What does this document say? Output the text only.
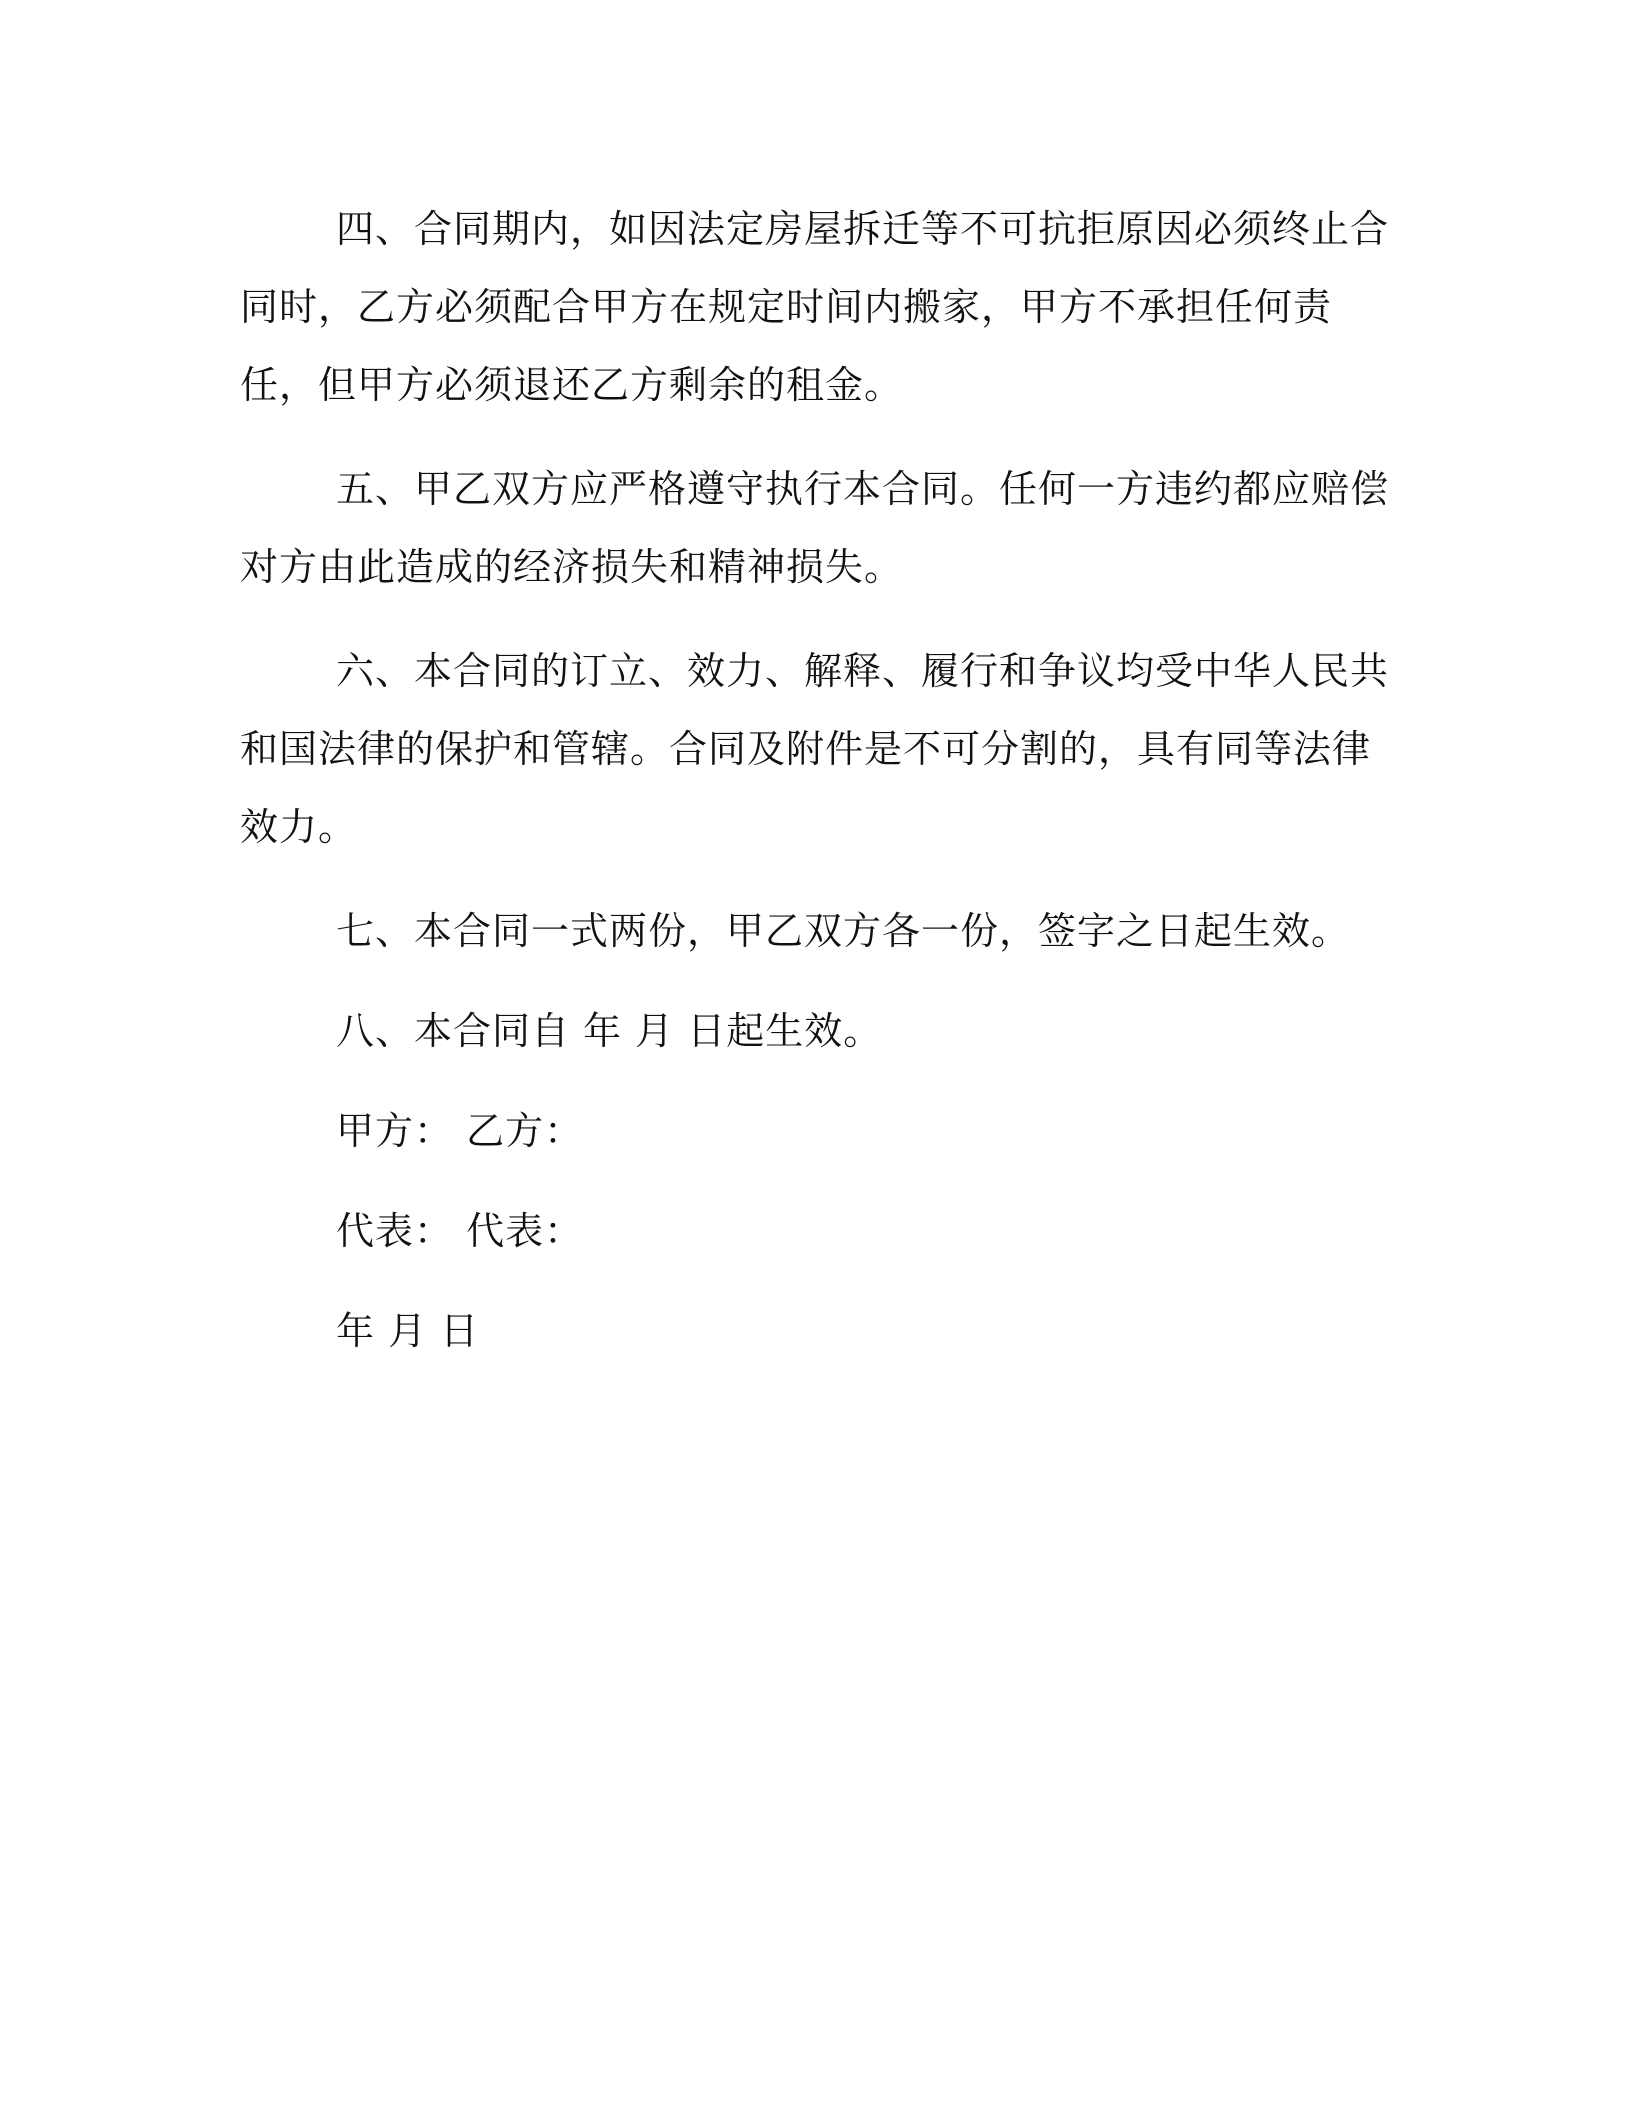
四、合同期内，如因法定房屋拆迁等不可抗拒原因必须终止合同时，乙方必须配合甲方在规定时间内搬家，甲方不承担任何责任，但甲方必须退还乙方剩余的租金。

五、甲乙双方应严格遵守执行本合同。任何一方违约都应赔偿对方由此造成的经济损失和精神损失。

六、本合同的订立、效力、解释、履行和争议均受中华人民共和国法律的保护和管辖。合同及附件是不可分割的，具有同等法律效力。

七、本合同一式两份，甲乙双方各一份，签字之日起生效。

八、本合同自 年 月 日起生效。

甲方： 乙方：

代表： 代表：

年 月 日
